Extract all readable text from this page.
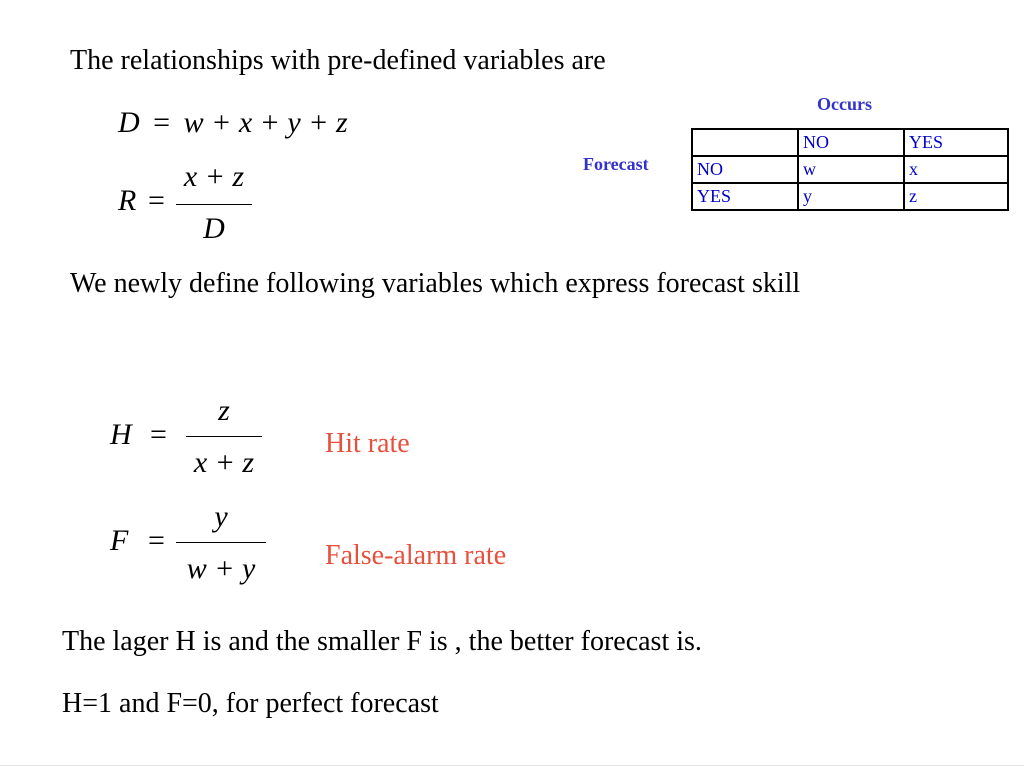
The relationships with pre-defined variables are
D = w + x + y + z
R =
x + z
D
Occurs
Forecast
	NO	YES
NO	w	x
YES	y	z
We newly define following variables which express forecast skill
H =
z
x + z
Hit rate
F =
y
w + y	False-alarm rate
The lager H is and the smaller F is , the better forecast is.
H=1 and F=0, for perfect forecast
